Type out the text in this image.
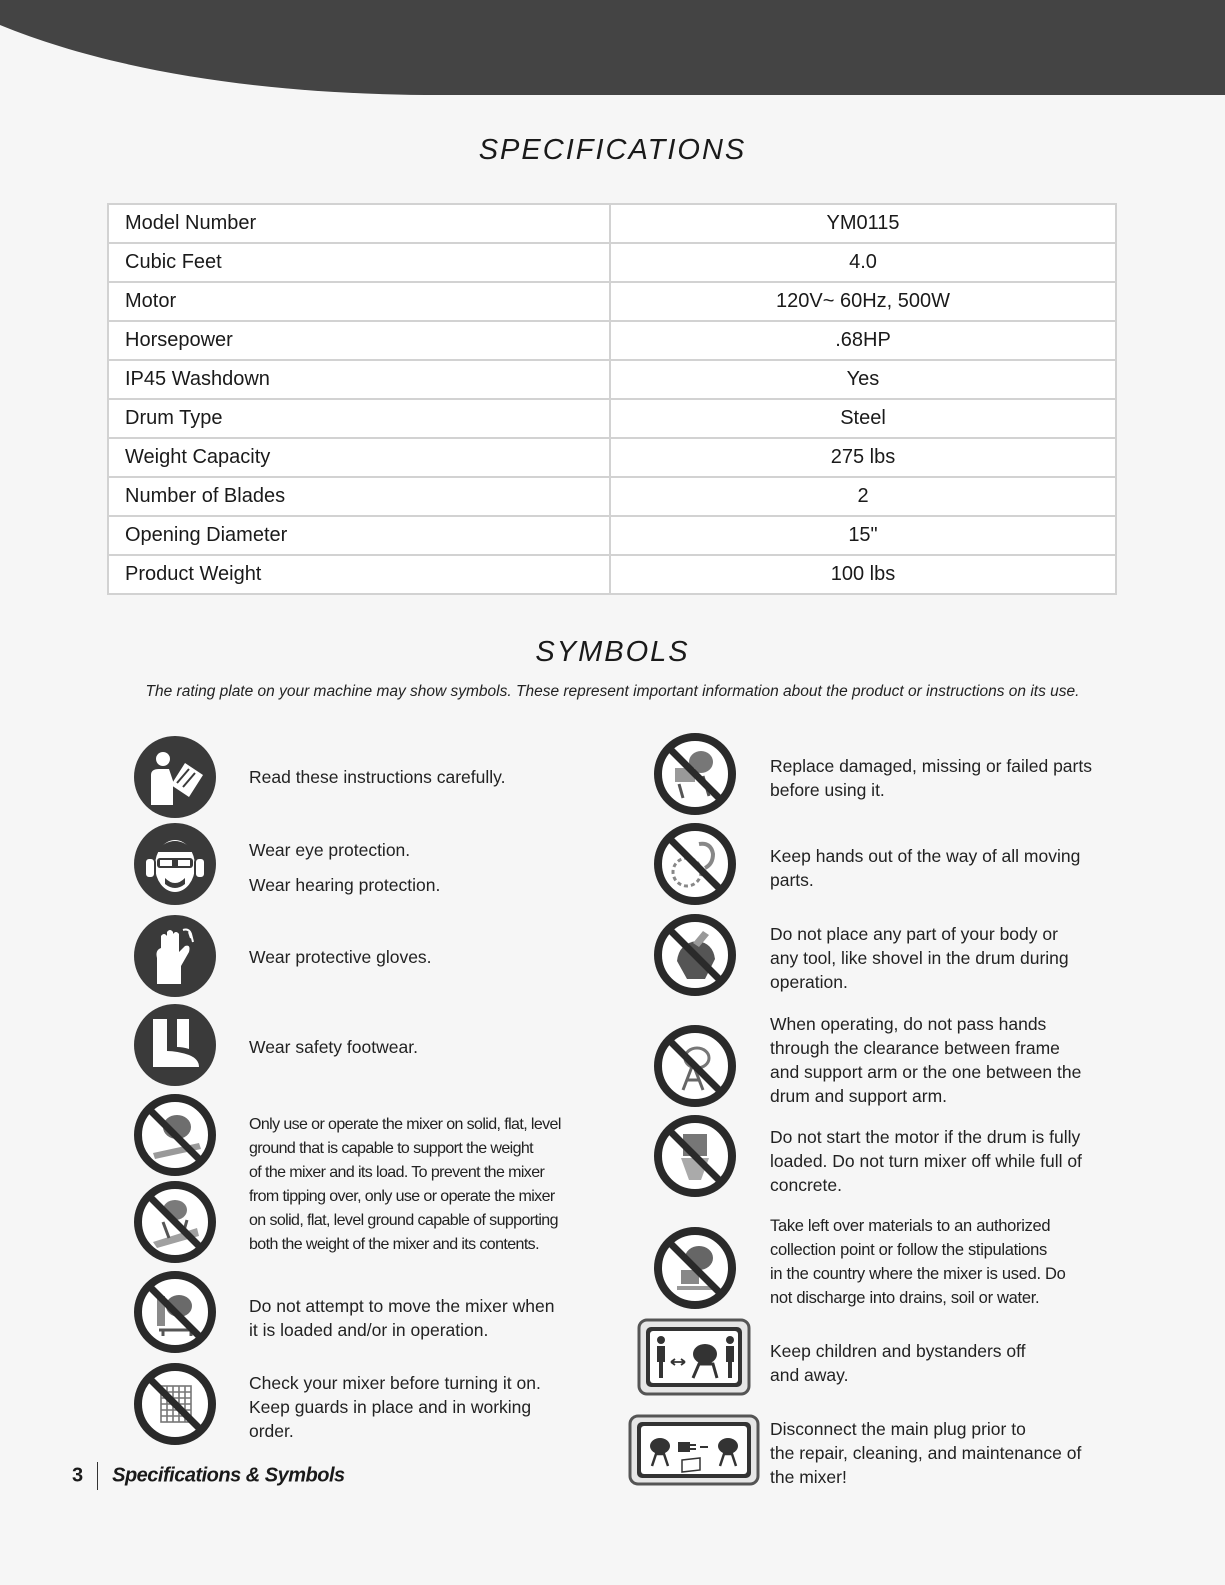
SPECIFICATIONS
Model Number	YM0115
Cubic Feet	4.0
Motor	120V~ 60Hz, 500W
Horsepower	.68HP
IP45 Washdown	Yes
Drum Type	Steel
Weight Capacity	275 lbs
Number of Blades	2
Opening Diameter	15"
Product Weight	100 lbs
SYMBOLS
The rating plate on your machine may show symbols. These represent important information about the product or instructions on its use.
Read these instructions carefully.
Wear eye protection.
Wear hearing protection.
Wear protective gloves.
Wear safety footwear.
Only use or operate the mixer on solid, flat, level
ground that is capable to support the weight
of the mixer and its load. To prevent the mixer
from tipping over, only use or operate the mixer
on solid, flat, level ground capable of supporting
both the weight of the mixer and its contents.
Do not attempt to move the mixer when
it is loaded and/or in operation.
Check your mixer before turning it on.
Keep guards in place and in working
order.
Replace damaged, missing or failed parts
before using it.
Keep hands out of the way of all moving
parts.
Do not place any part of your body or
any tool, like shovel in the drum during
operation.
When operating, do not pass hands
through the clearance between frame
and support arm or the one between the
drum and support arm.
Do not start the motor if the drum is fully
loaded. Do not turn mixer off while full of
concrete.
Take left over materials to an authorized
collection point or follow the stipulations
in the country where the mixer is used. Do
not discharge into drains, soil or water.
Keep children and bystanders off
and away.
Disconnect the main plug prior to
the repair, cleaning, and maintenance of
the mixer!
3 Specifications & Symbols
